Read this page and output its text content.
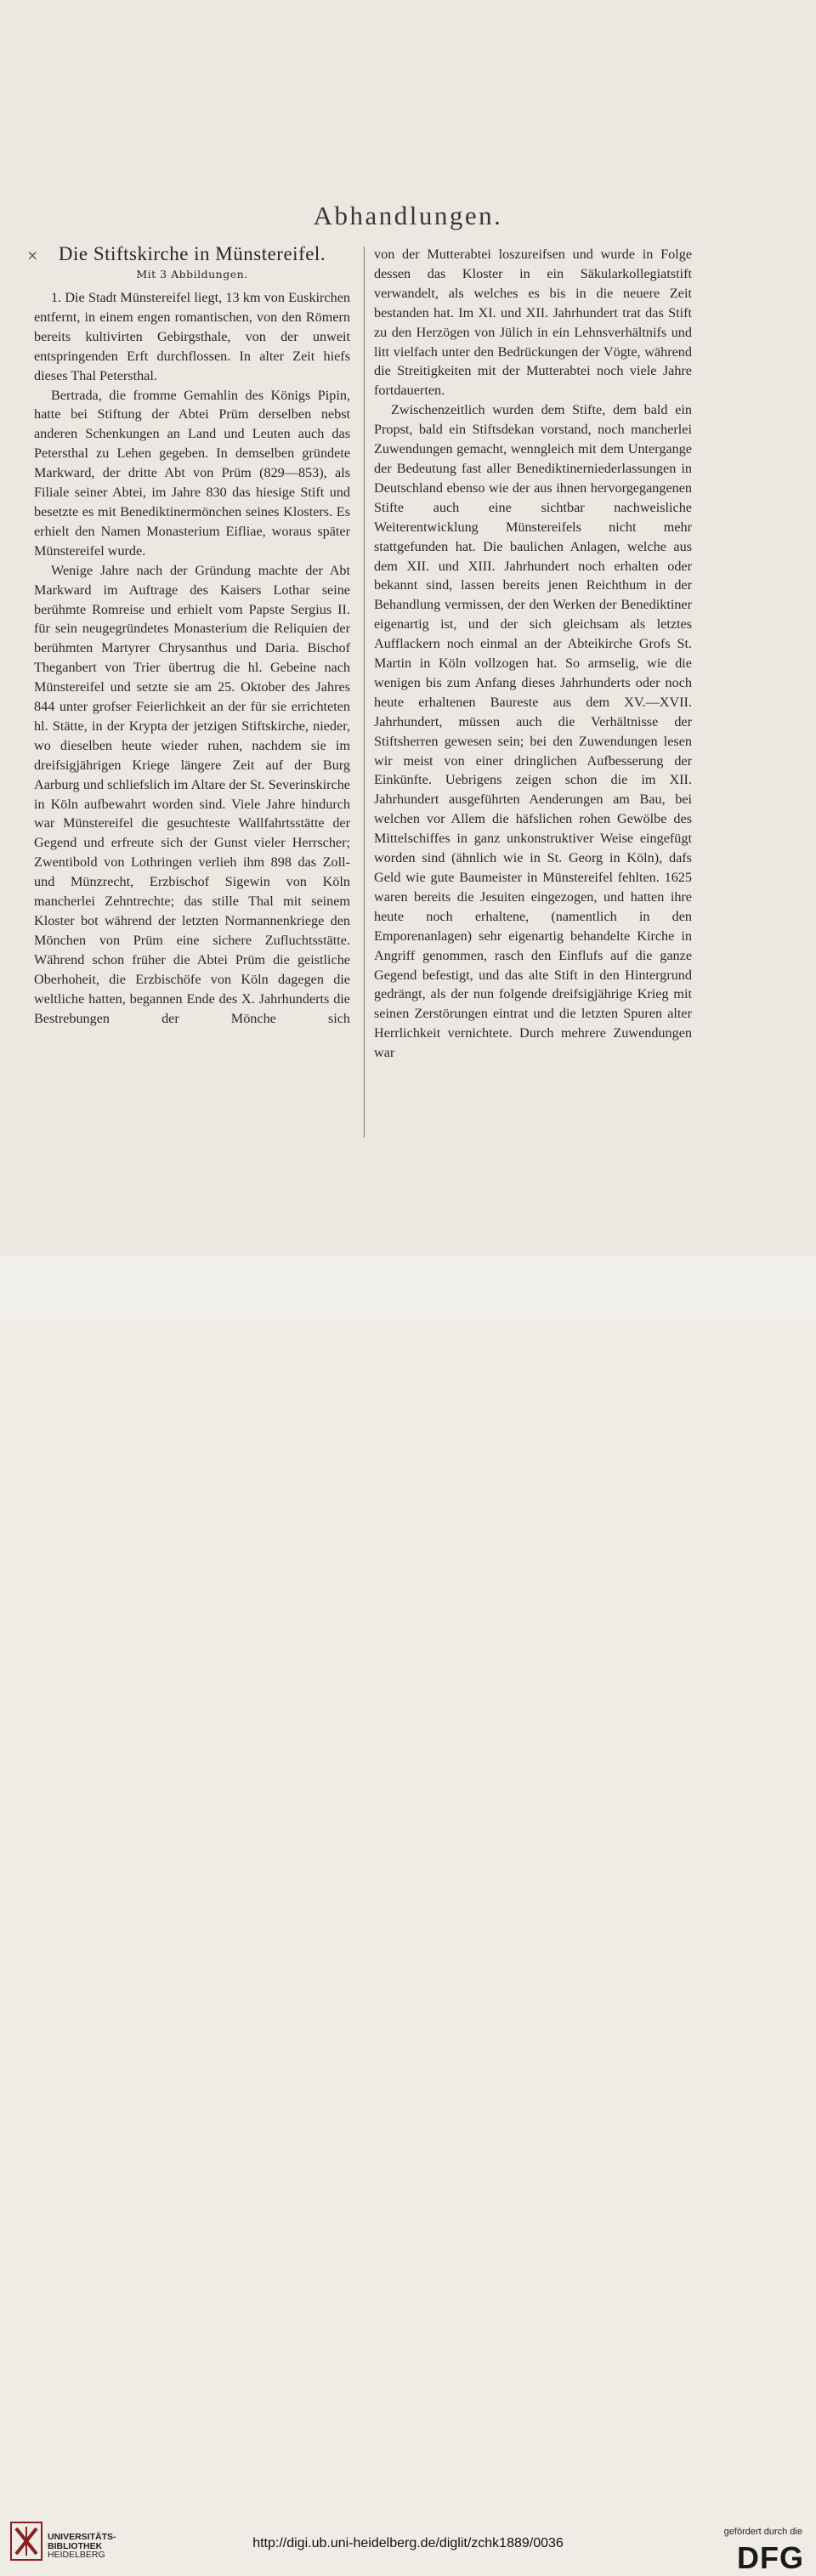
Abhandlungen.
× Die Stiftskirche in Münstereifel.
Mit 3 Abbildungen.

1. Die Stadt Münstereifel liegt, 13 km von Euskirchen entfernt, in einem engen romantischen, von den Römern bereits kultivirten Gebirgsthale, von der unweit entspringenden Erft durchflossen. In alter Zeit hiefs dieses Thal Petersthal.

Bertrada, die fromme Gemahlin des Königs Pipin, hatte bei Stiftung der Abtei Prüm derselben nebst anderen Schenkungen an Land und Leuten auch das Petersthal zu Lehen gegeben. In demselben gründete Markward, der dritte Abt von Prüm (829—853), als Filiale seiner Abtei, im Jahre 830 das hiesige Stift und besetzte es mit Benediktinermönchen seines Klosters. Es erhielt den Namen Monasterium Eifliae, woraus später Münstereifel wurde.

Wenige Jahre nach der Gründung machte der Abt Markward im Auftrage des Kaisers Lothar seine berühmte Romreise und erhielt vom Papste Sergius II. für sein neugegründetes Monasterium die Reliquien der berühmten Martyrer Chrysanthus und Daria. Bischof Theganbert von Trier übertrug die hl. Gebeine nach Münstereifel und setzte sie am 25. Oktober des Jahres 844 unter grofser Feierlichkeit an der für sie errichteten hl. Stätte, in der Krypta der jetzigen Stiftskirche, nieder, wo dieselben heute wieder ruhen, nachdem sie im dreifsigjährigen Kriege längere Zeit auf der Burg Aarburg und schliefslich im Altare der St. Severinskirche in Köln aufbewahrt worden sind. Viele Jahre hindurch war Münstereifel die gesuchteste Wallfahrtsstätte der Gegend und erfreute sich der Gunst vieler Herrscher; Zwentibold von Lothringen verlieh ihm 898 das Zoll- und Münzrecht, Erzbischof Sigewin von Köln mancherlei Zehntrechte; das stille Thal mit seinem Kloster bot während der letzten Normannenkriege den Mönchen von Prüm eine sichere Zufluchtsstätte. Während schon früher die Abtei Prüm die geistliche Oberhoheit, die Erzbischöfe von Köln dagegen die weltliche hatten, begannen Ende des X. Jahrhunderts die Bestrebungen der Mönche sich

von der Mutterabtei loszureifsen und wurde in Folge dessen das Kloster in ein Säkularkollegiatstift verwandelt, als welches es bis in die neuere Zeit bestanden hat. Im XI. und XII. Jahrhundert trat das Stift zu den Herzögen von Jülich in ein Lehnsverhältnifs und litt vielfach unter den Bedrückungen der Vögte, während die Streitigkeiten mit der Mutterabtei noch viele Jahre fortdauerten.

Zwischenzeitlich wurden dem Stifte, dem bald ein Propst, bald ein Stiftsdekan vorstand, noch mancherlei Zuwendungen gemacht, wenngleich mit dem Untergange der Bedeutung fast aller Benediktinerniederlassungen in Deutschland ebenso wie der aus ihnen hervorgegangenen Stifte auch eine sichtbar nachweisliche Weiterentwicklung Münstereifels nicht mehr stattgefunden hat. Die baulichen Anlagen, welche aus dem XII. und XIII. Jahrhundert noch erhalten oder bekannt sind, lassen bereits jenen Reichthum in der Behandlung vermissen, der den Werken der Benediktiner eigenartig ist, und der sich gleichsam als letztes Aufflackern noch einmal an der Abteikirche Grofs St. Martin in Köln vollzogen hat. So armselig, wie die wenigen bis zum Anfang dieses Jahrhunderts oder noch heute erhaltenen Baureste aus dem XV.—XVII. Jahrhundert, müssen auch die Verhältnisse der Stiftsherren gewesen sein; bei den Zuwendungen lesen wir meist von einer dringlichen Aufbesserung der Einkünfte. Uebrigens zeigen schon die im XII. Jahrhundert ausgeführten Aenderungen am Bau, bei welchen vor Allem die häfslichen rohen Gewölbe des Mittelschiffes in ganz unkonstruktiver Weise eingefügt worden sind (ähnlich wie in St. Georg in Köln), dafs Geld wie gute Baumeister in Münstereifel fehlten. 1625 waren bereits die Jesuiten eingezogen, und hatten ihre heute noch erhaltene, (namentlich in den Emporenanlagen) sehr eigenartig behandelte Kirche in Angriff genommen, rasch den Einflufs auf die ganze Gegend befestigt, und das alte Stift in den Hintergrund gedrängt, als der nun folgende dreifsigjährige Krieg mit seinen Zerstörungen eintrat und die letzten Spuren alter Herrlichkeit vernichtete. Durch mehrere Zuwendungen war

UNIVERSITÄTS-
BIBLIOTHEK
HEIDELBERG
http://digi.ub.uni-heidelberg.de/diglit/zchk1889/0036
gefördert durch die
DFG
